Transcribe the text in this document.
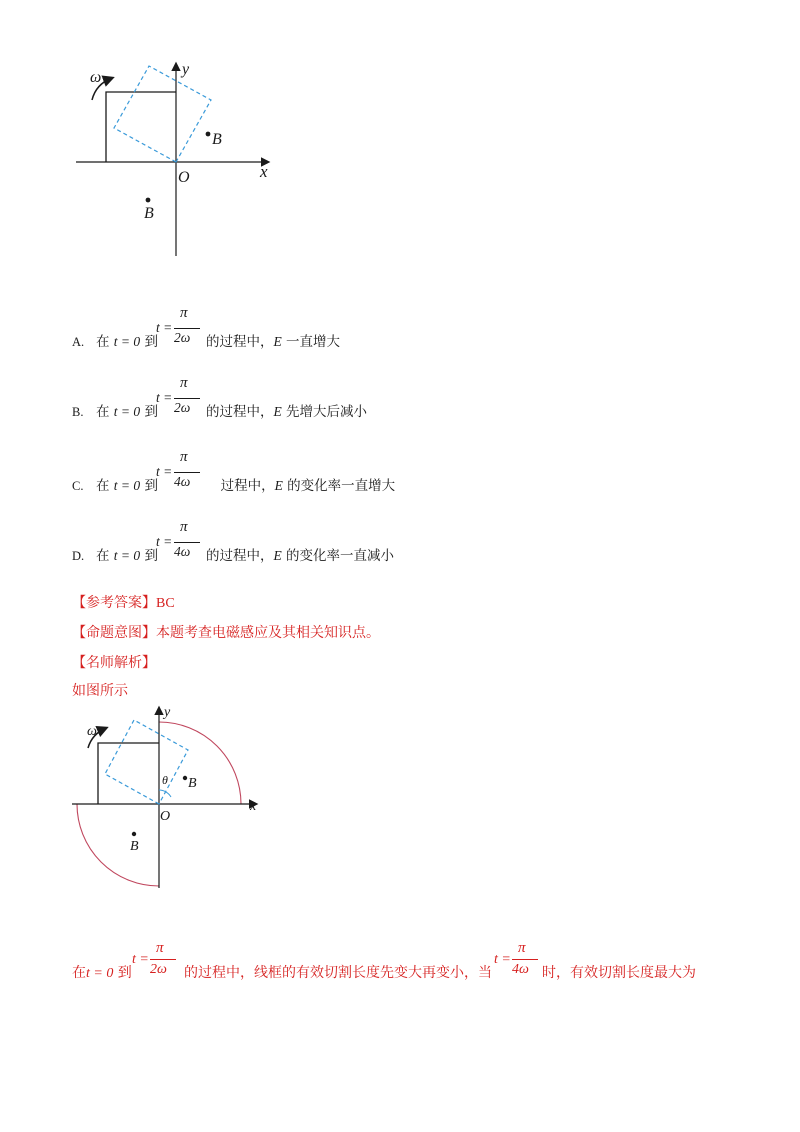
ω	y
x
O
B
B
A. 在 t = 0 到
t =
π
2ω 的过程中，E 一直增大
B. 在 t = 0 到
t =
π
2ω 的过程中，E 先增大后减小
C. 在 t = 0 到
t =
π
4ω 过程中，E 的变化率一直增大
D. 在 t = 0 到
t =
π
4ω 的过程中，E 的变化率一直减小
【参考答案】BC
【命题意图】本题考查电磁感应及其相关知识点。
【名师解析】
如图所示
ω
y
x
O
θ B
B
在t = 0 到
t =
π
2ω 的过程中，线框的有效切割长度先变大再变小，当
t =
π
4ω 时，有效切割长度最大为
